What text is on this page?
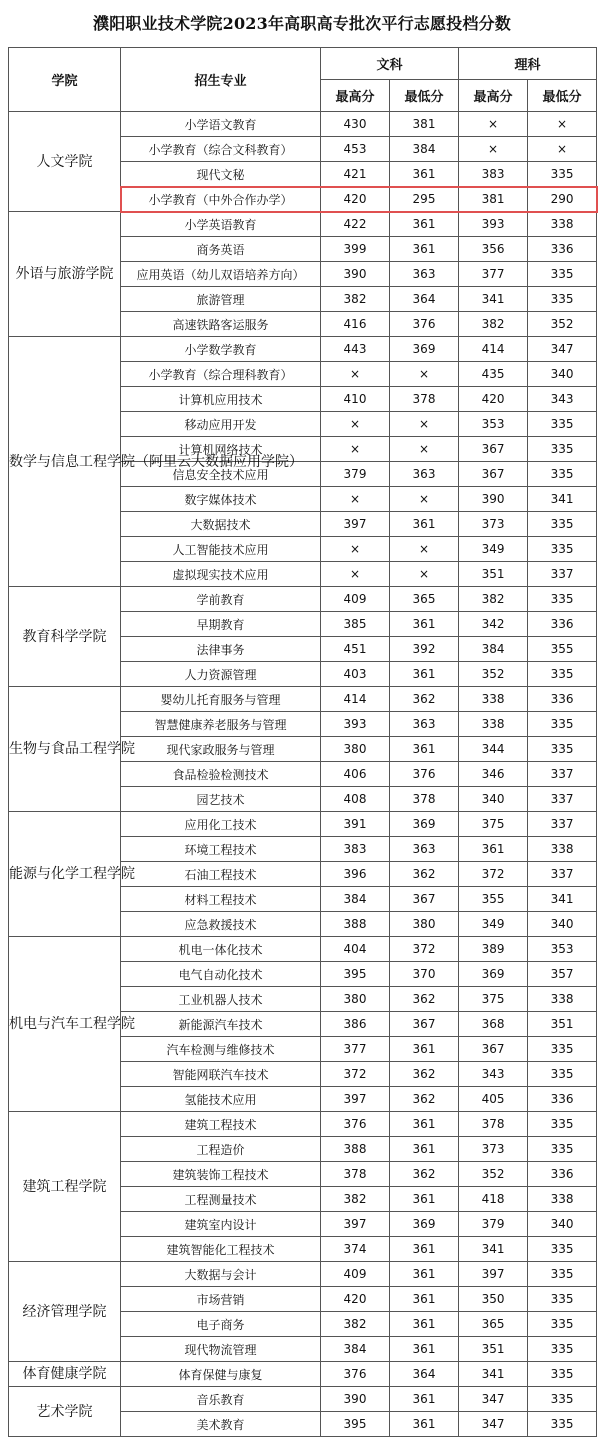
濮阳职业技术学院2023年高职高专批次平行志愿投档分数
学院	招生专业	文科		理科	
		最高分	最低分	最高分	最低分
人文学院	小学语文教育	430	381	×	×
	小学教育（综合文科教育）	453	384	×	×
	现代文秘	421	361	383	335
	小学教育（中外合作办学）	420	295	381	290
外语与旅游学院	小学英语教育	422	361	393	338
	商务英语	399	361	356	336
	应用英语（幼儿双语培养方向）	390	363	377	335
	旅游管理	382	364	341	335
	高速铁路客运服务	416	376	382	352
数学与信息工程学院（阿里云大数据应用学院）	小学数学教育	443	369	414	347
	小学教育（综合理科教育）	×	×	435	340
	计算机应用技术	410	378	420	343
	移动应用开发	×	×	353	335
	计算机网络技术	×	×	367	335
	信息安全技术应用	379	363	367	335
	数字媒体技术	×	×	390	341
	大数据技术	397	361	373	335
	人工智能技术应用	×	×	349	335
	虚拟现实技术应用	×	×	351	337
教育科学学院	学前教育	409	365	382	335
	早期教育	385	361	342	336
	法律事务	451	392	384	355
	人力资源管理	403	361	352	335
生物与食品工程学院	婴幼儿托育服务与管理	414	362	338	336
	智慧健康养老服务与管理	393	363	338	335
	现代家政服务与管理	380	361	344	335
	食品检验检测技术	406	376	346	337
	园艺技术	408	378	340	337
能源与化学工程学院	应用化工技术	391	369	375	337
	环境工程技术	383	363	361	338
	石油工程技术	396	362	372	337
	材料工程技术	384	367	355	341
	应急救援技术	388	380	349	340
机电与汽车工程学院	机电一体化技术	404	372	389	353
	电气自动化技术	395	370	369	357
	工业机器人技术	380	362	375	338
	新能源汽车技术	386	367	368	351
	汽车检测与维修技术	377	361	367	335
	智能网联汽车技术	372	362	343	335
	氢能技术应用	397	362	405	336
建筑工程学院	建筑工程技术	376	361	378	335
	工程造价	388	361	373	335
	建筑装饰工程技术	378	362	352	336
	工程测量技术	382	361	418	338
	建筑室内设计	397	369	379	340
	建筑智能化工程技术	374	361	341	335
经济管理学院	大数据与会计	409	361	397	335
	市场营销	420	361	350	335
	电子商务	382	361	365	335
	现代物流管理	384	361	351	335
体育健康学院	体育保健与康复	376	364	341	335
艺术学院	音乐教育	390	361	347	335
	美术教育	395	361	347	335
